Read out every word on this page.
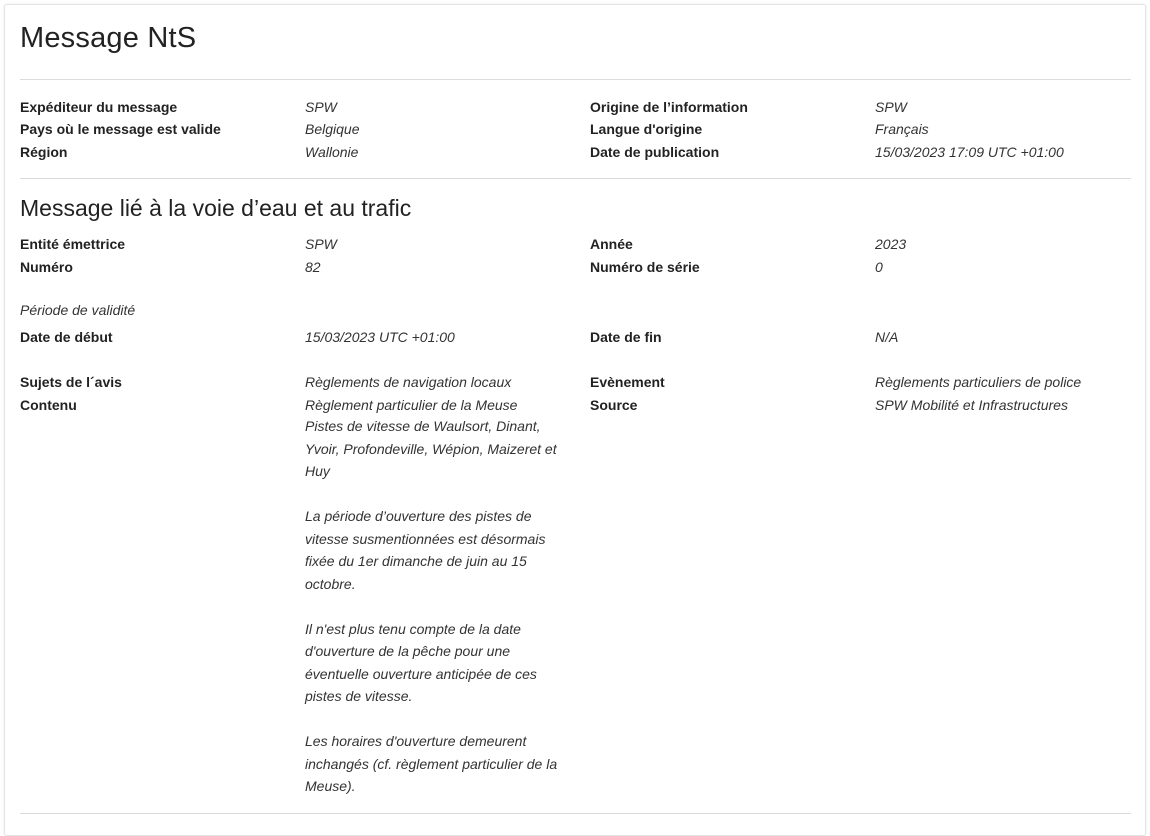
Message NtS
Expéditeur du message	SPW	Origine de l’information	SPW
Pays où le message est valide	Belgique	Langue d'origine	Français
Région	Wallonie	Date de publication	15/03/2023 17:09 UTC +01:00
Message lié à la voie d’eau et au trafic
Entité émettrice	SPW	Année	2023
Numéro	82	Numéro de série	0
Période de validité
Date de début	15/03/2023 UTC +01:00	Date de fin	N/A
Sujets de l´avis	Règlements de navigation locaux	Evènement	Règlements particuliers de police
Contenu	Règlement particulier de la Meuse	Source	SPW Mobilité et Infrastructures

Pistes de vitesse de Waulsort, Dinant, Yvoir, Profondeville, Wépion, Maizeret et Huy

La période d’ouverture des pistes de vitesse susmentionnées est désormais fixée du 1er dimanche de juin au 15 octobre.

Il n'est plus tenu compte de la date d'ouverture de la pêche pour une éventuelle ouverture anticipée de ces pistes de vitesse.

Les horaires d'ouverture demeurent inchangés (cf. règlement particulier de la Meuse).
